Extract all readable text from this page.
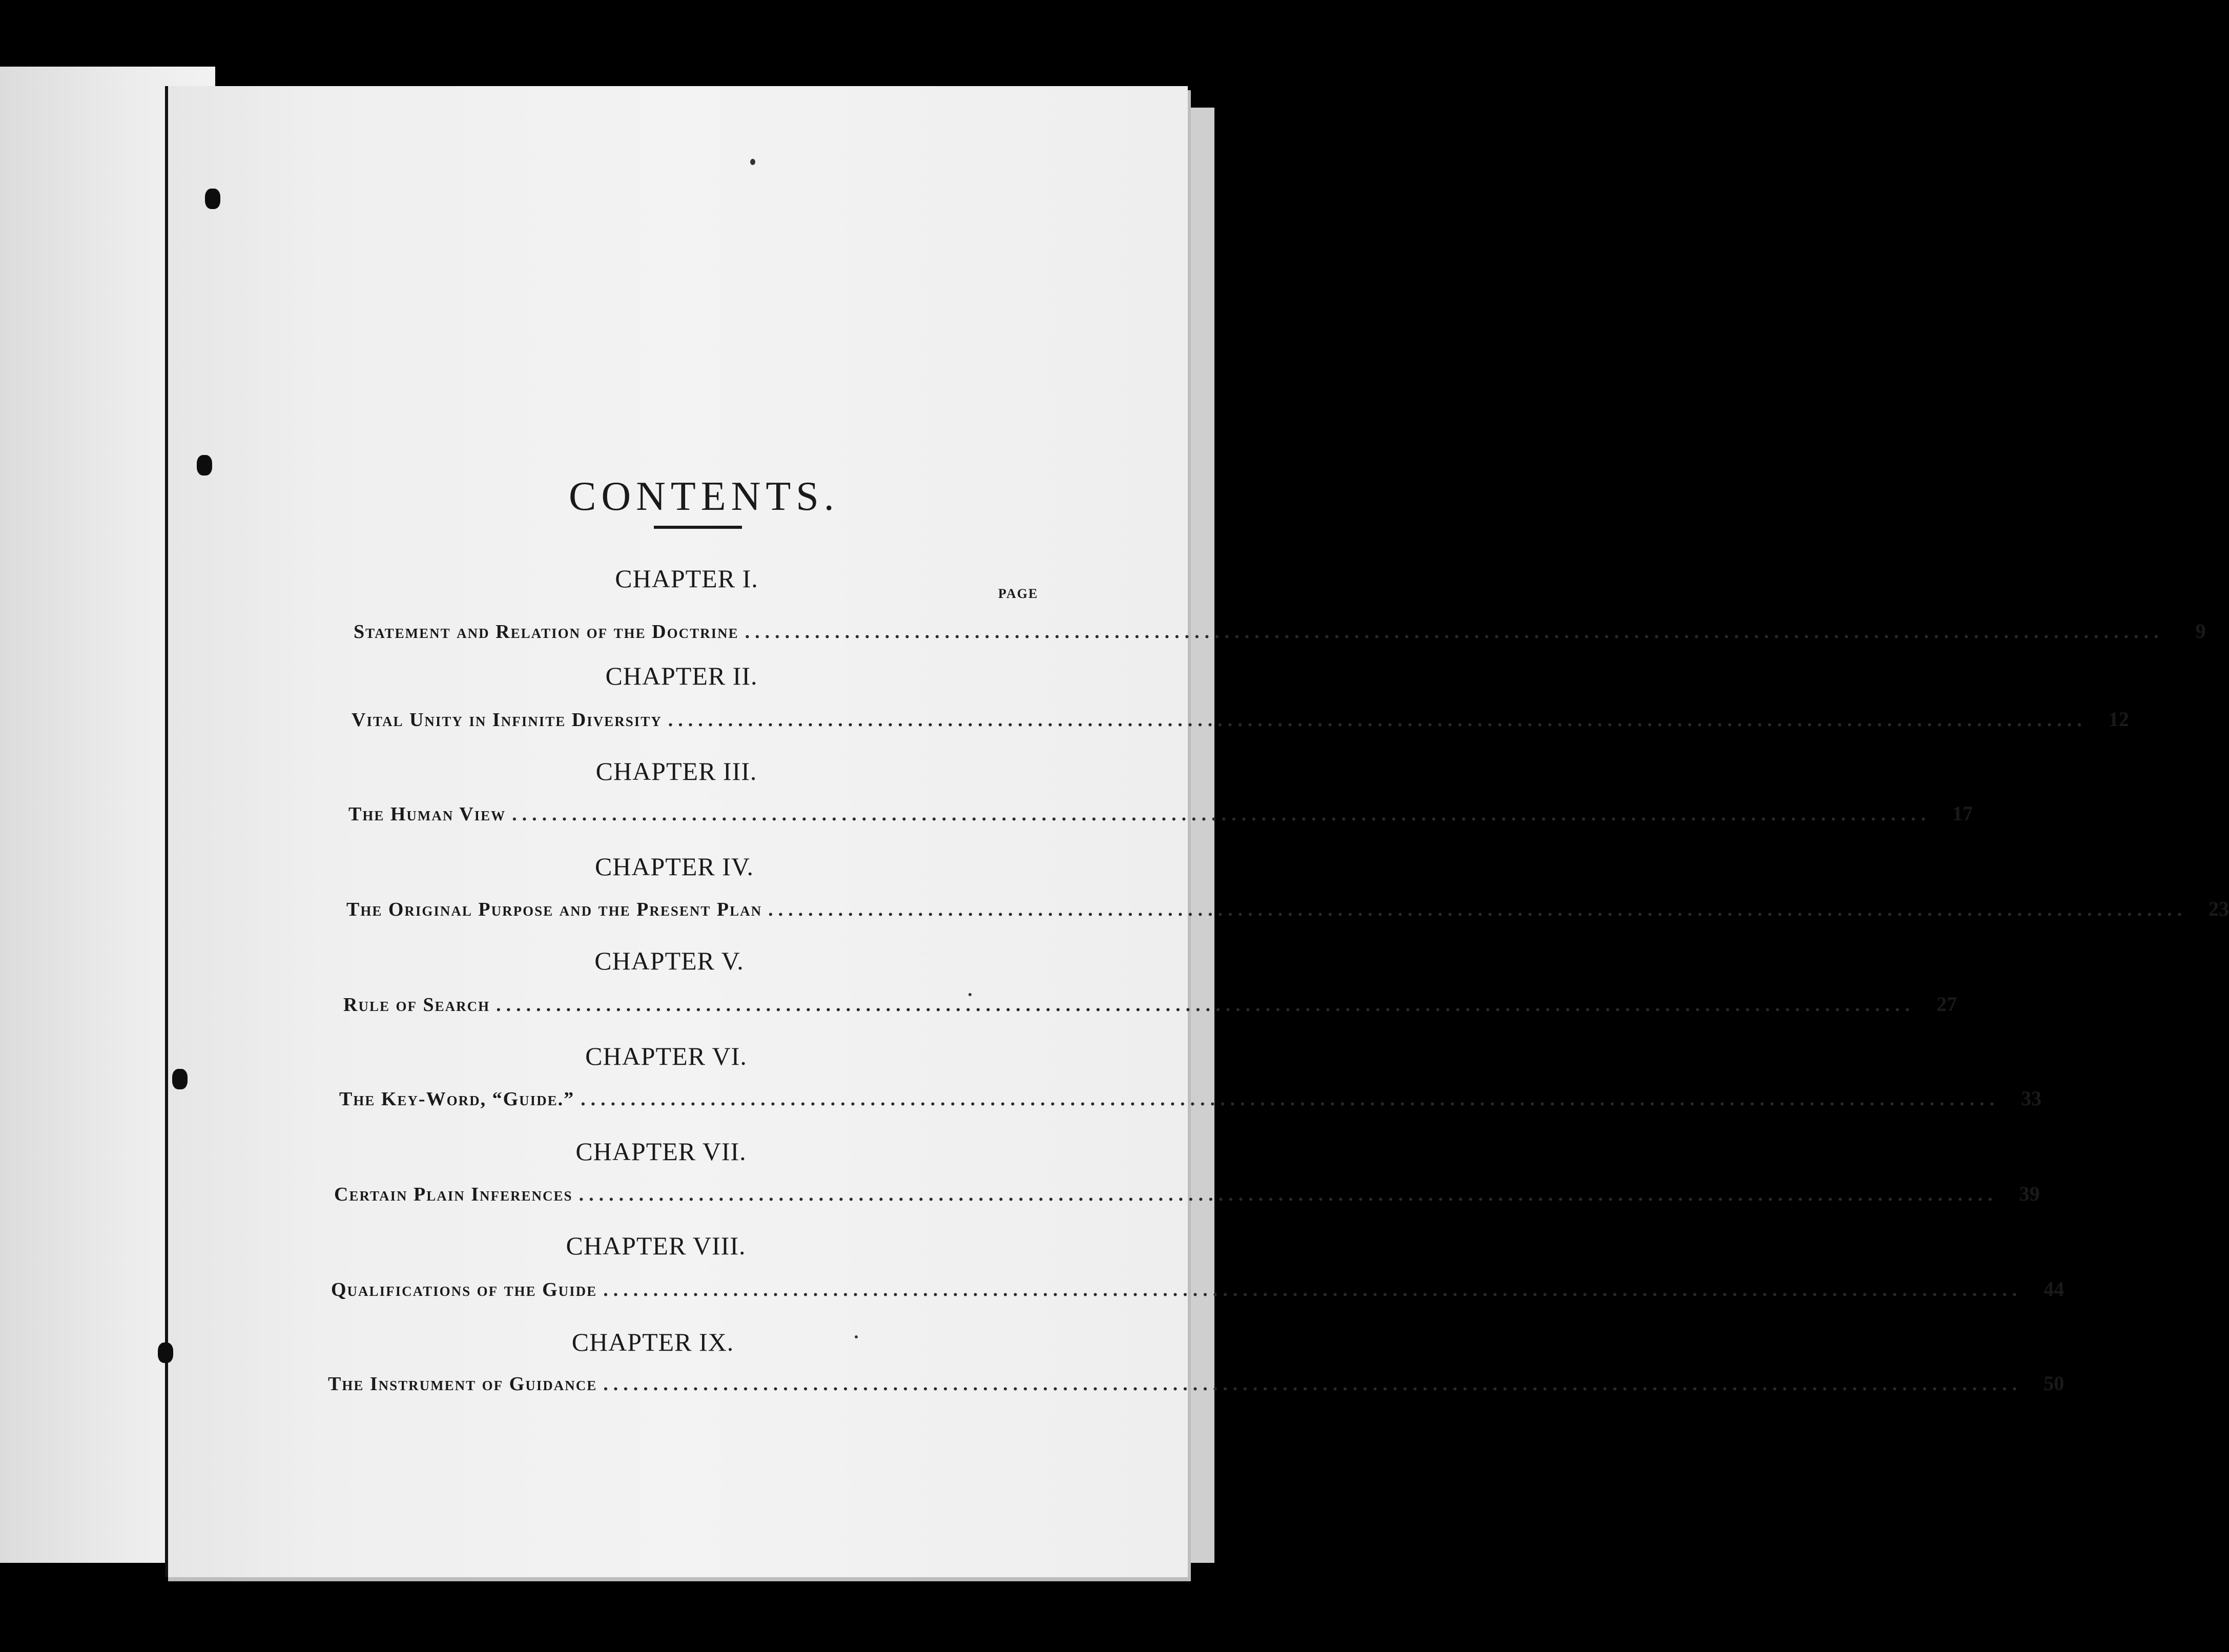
CONTENTS.
PAGE
CHAPTER I.
Statement and Relation of the Doctrine ..............................................................................................................................................	9
CHAPTER II.
Vital Unity in Infinite Diversity ..............................................................................................................................................	12
CHAPTER III.
The Human View ..............................................................................................................................................	17
CHAPTER IV.
The Original Purpose and the Present Plan ..............................................................................................................................................	23
CHAPTER V.
Rule of Search ..............................................................................................................................................	27
CHAPTER VI.
The Key-Word, “Guide.” ..............................................................................................................................................	33
CHAPTER VII.
Certain Plain Inferences ..............................................................................................................................................	39
CHAPTER VIII.
Qualifications of the Guide ..............................................................................................................................................	44
CHAPTER IX.
The Instrument of Guidance ..............................................................................................................................................	50
